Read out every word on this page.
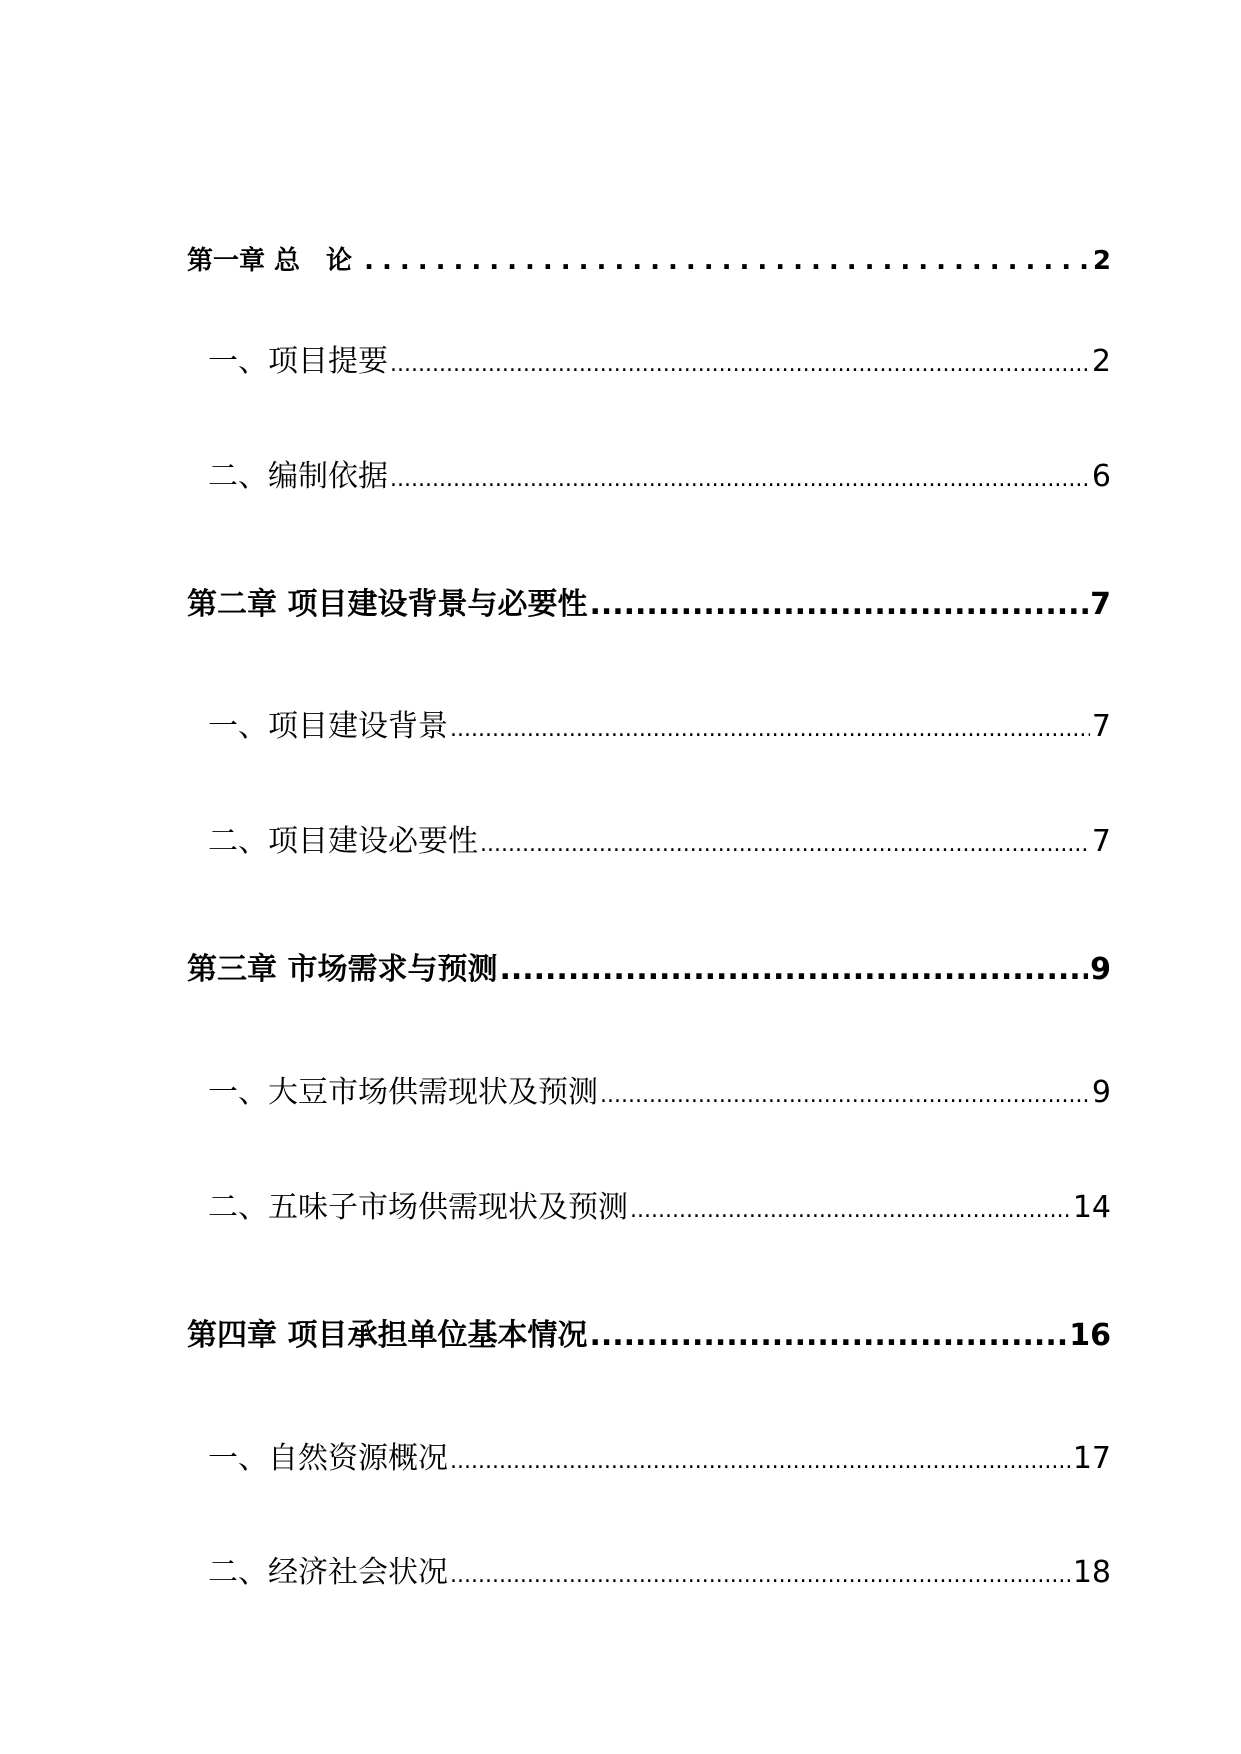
第一章 总　论 .....	2
一、项目提要 .....	2
二、编制依据 .....	6
第二章 项目建设背景与必要性 .....	7
一、项目建设背景 .....	7
二、项目建设必要性 .....	7
第三章 市场需求与预测 .....	9
一、大豆市场供需现状及预测 .....	9
二、五味子市场供需现状及预测 .....	14
第四章 项目承担单位基本情况 .....	16
一、自然资源概况 .....	17
二、经济社会状况 .....	18
